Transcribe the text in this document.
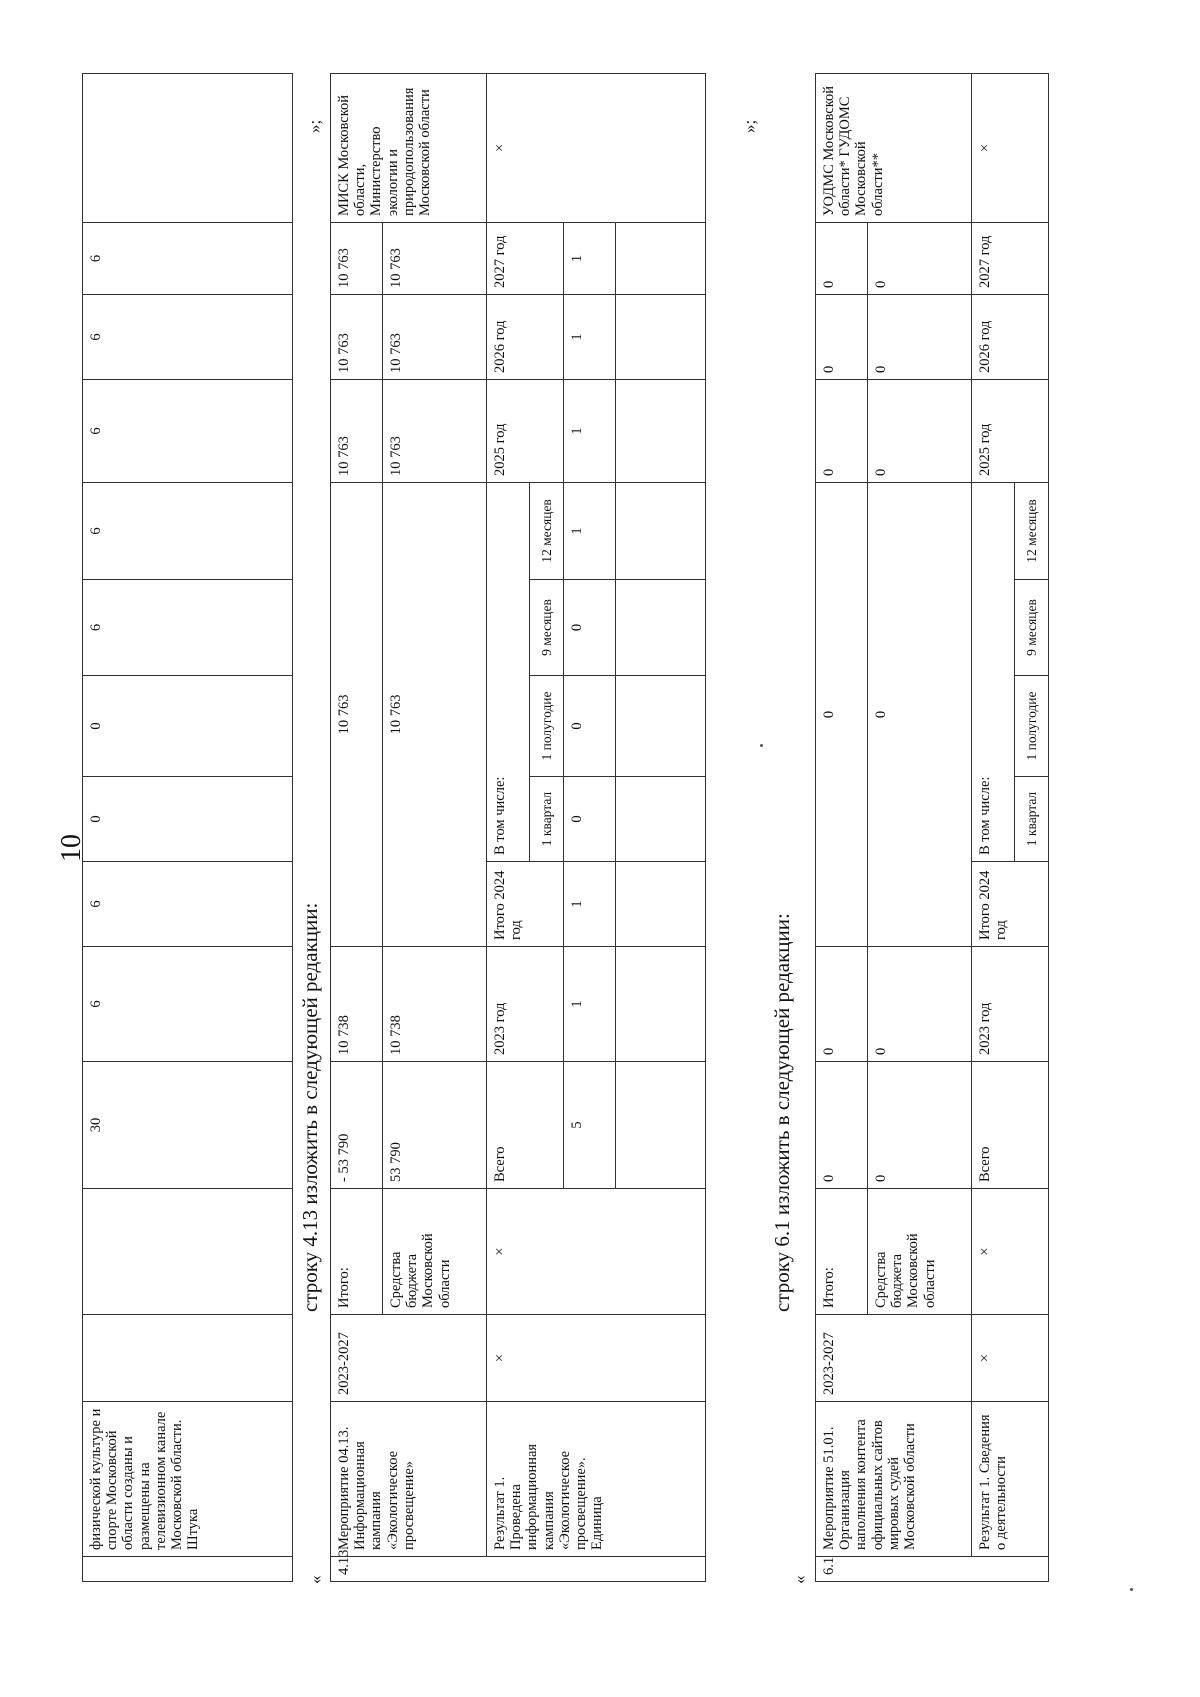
10
	физической культуре и спорте Московской области созданы и размещены на телевизионном канале Московской области. Штука			30	6	6	0	0	6	6	6	6	6	
»;
строку 4.13 изложить в следующей редакции:
«
4.13	Мероприятие 04.13. Информационная кампания «Экологическое просвещение»	2023-2027	Итого:	- 53 790	10 738	10 763					10 763	10 763	10 763	МИСК Московской области, Министерство экологии и природопользования Московской области
			Средства бюджета Московской области	53 790	10 738	10 763					10 763	10 763	10 763	
	Результат 1. Проведена информационная кампания «Экологическое просвещение». Единица	×	×	Всего	2023 год	Итого 2024 год	В том числе:				2025 год	2026 год	2027 год	×
							1 квартал	1 полугодие	9 месяцев	12 месяцев				
				5	1	1	0	0	0	1	1	1	1	

»;
строку 6.1 изложить в следующей редакции:
«
6.1	Мероприятие 51.01. Организация наполнения контента официальных сайтов мировых судей Московской области	2023-2027	Итого:	0	0	0					0	0	0	УОДМС Московской области* ГУДОМС Московской области**
			Средства бюджета Московской области	0	0	0					0	0	0	
	Результат 1. Сведения о деятельности	×	×	Всего	2023 год	Итого 2024 год	В том числе:				2025 год	2026 год	2027 год	×
							1 квартал	1 полугодие	9 месяцев	12 месяцев				
